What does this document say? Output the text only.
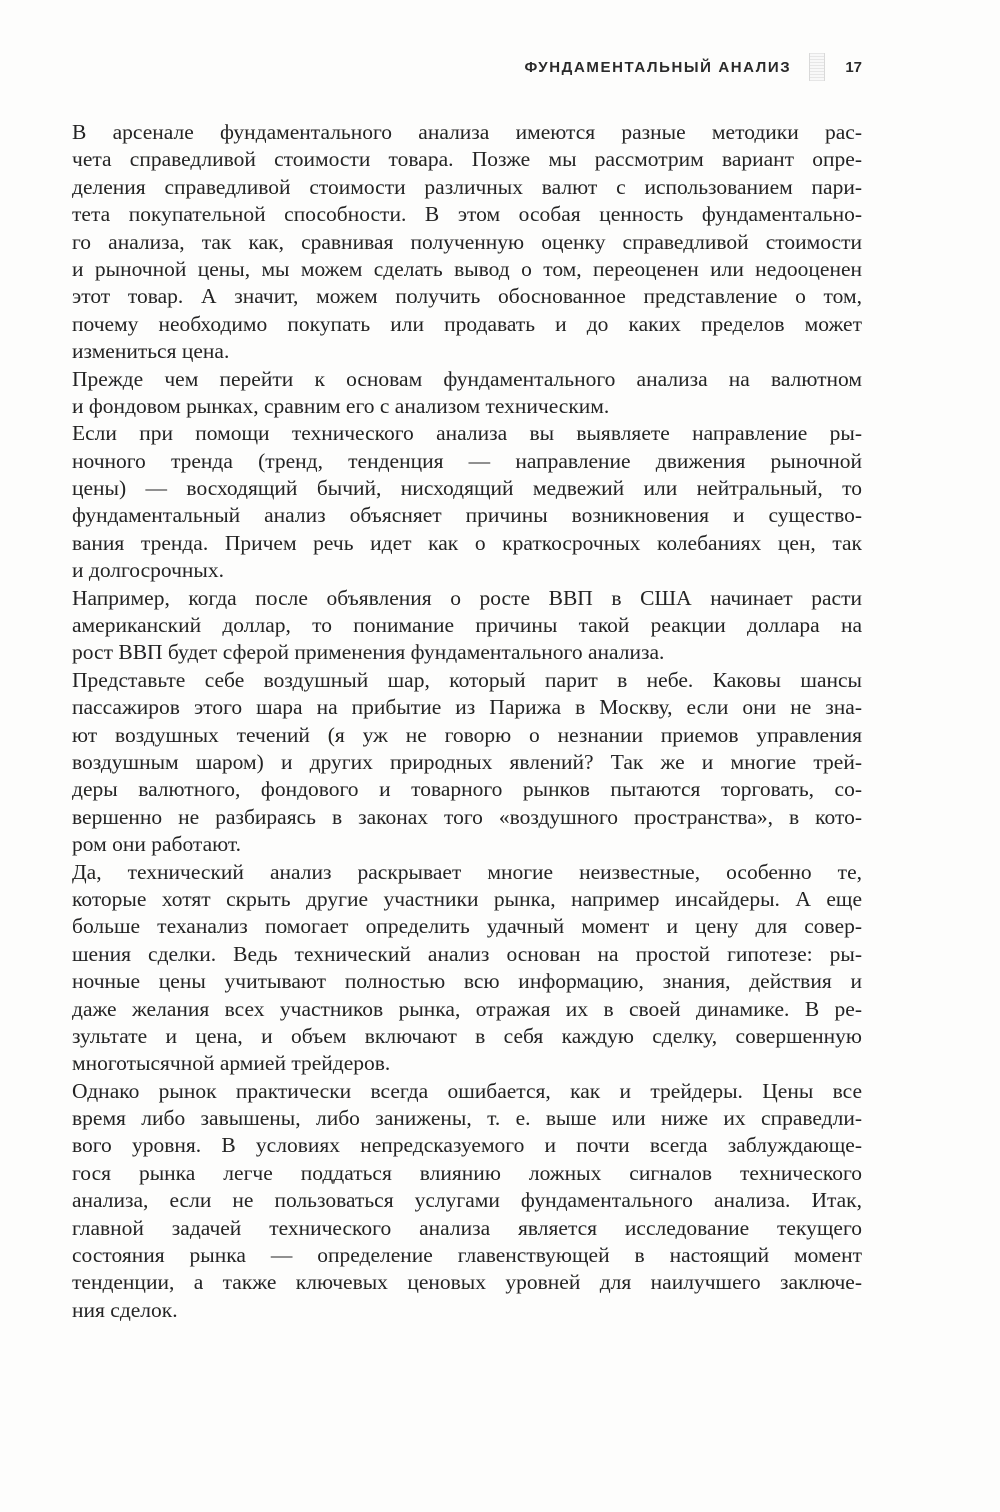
ФУНДАМЕНТАЛЬНЫЙ АНАЛИЗ	17

В арсенале фундаментального анализа имеются разные методики рас-
чета справедливой стоимости товара. Позже мы рассмотрим вариант опре-
деления справедливой стоимости различных валют с использованием пари-
тета покупательной способности. В этом особая ценность фундаментально-
го анализа, так как, сравнивая полученную оценку справедливой стоимости
и рыночной цены, мы можем сделать вывод о том, переоценен или недооценен
этот товар. А значит, можем получить обоснованное представление о том,
почему необходимо покупать или продавать и до каких пределов может
измениться цена.

Прежде чем перейти к основам фундаментального анализа на валютном
и фондовом рынках, сравним его с анализом техническим.

Если при помощи технического анализа вы выявляете направление ры-
ночного тренда (тренд, тенденция — направление движения рыночной
цены) — восходящий бычий, нисходящий медвежий или нейтральный, то
фундаментальный анализ объясняет причины возникновения и существо-
вания тренда. Причем речь идет как о краткосрочных колебаниях цен, так
и долгосрочных.

Например, когда после объявления о росте ВВП в США начинает расти
американский доллар, то понимание причины такой реакции доллара на
рост ВВП будет сферой применения фундаментального анализа.

Представьте себе воздушный шар, который парит в небе. Каковы шансы
пассажиров этого шара на прибытие из Парижа в Москву, если они не зна-
ют воздушных течений (я уж не говорю о незнании приемов управления
воздушным шаром) и других природных явлений? Так же и многие трей-
деры валютного, фондового и товарного рынков пытаются торговать, со-
вершенно не разбираясь в законах того «воздушного пространства», в кото-
ром они работают.

Да, технический анализ раскрывает многие неизвестные, особенно те,
которые хотят скрыть другие участники рынка, например инсайдеры. А еще
больше теханализ помогает определить удачный момент и цену для совер-
шения сделки. Ведь технический анализ основан на простой гипотезе: ры-
ночные цены учитывают полностью всю информацию, знания, действия и
даже желания всех участников рынка, отражая их в своей динамике. В ре-
зультате и цена, и объем включают в себя каждую сделку, совершенную
многотысячной армией трейдеров.

Однако рынок практически всегда ошибается, как и трейдеры. Цены все
время либо завышены, либо занижены, т. е. выше или ниже их справедли-
вого уровня. В условиях непредсказуемого и почти всегда заблуждающе-
гося рынка легче поддаться влиянию ложных сигналов технического
анализа, если не пользоваться услугами фундаментального анализа. Итак,
главной задачей технического анализа является исследование текущего
состояния рынка — определение главенствующей в настоящий момент
тенденции, а также ключевых ценовых уровней для наилучшего заключе-
ния сделок.
